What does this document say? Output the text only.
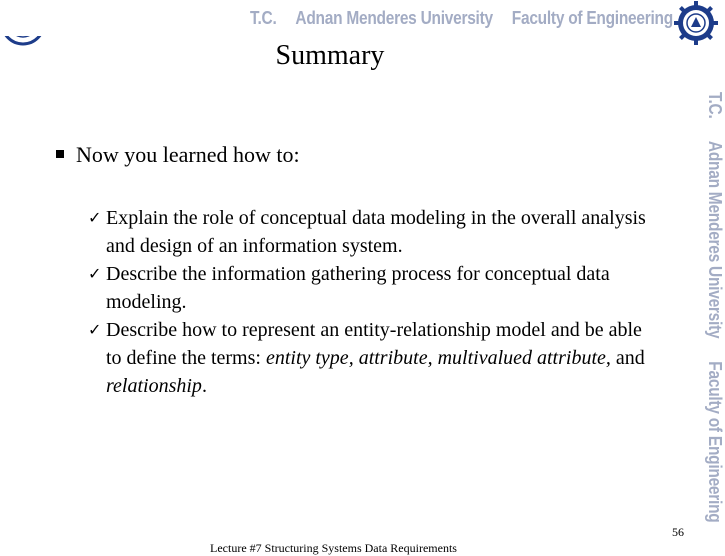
T.C. Adnan Menderes University Faculty of Engineering
T.C. Adnan Menderes University Faculty of Engineering
Summary
Now you learned how to:
✓ Explain the role of conceptual data modeling in the overall analysis and design of an information system.
✓ Describe the information gathering process for conceptual data modeling.
✓ Describe how to represent an entity-relationship model and be able to define the terms: entity type, attribute, multivalued attribute, and relationship.
Lecture #7 Structuring Systems Data Requirements
56
